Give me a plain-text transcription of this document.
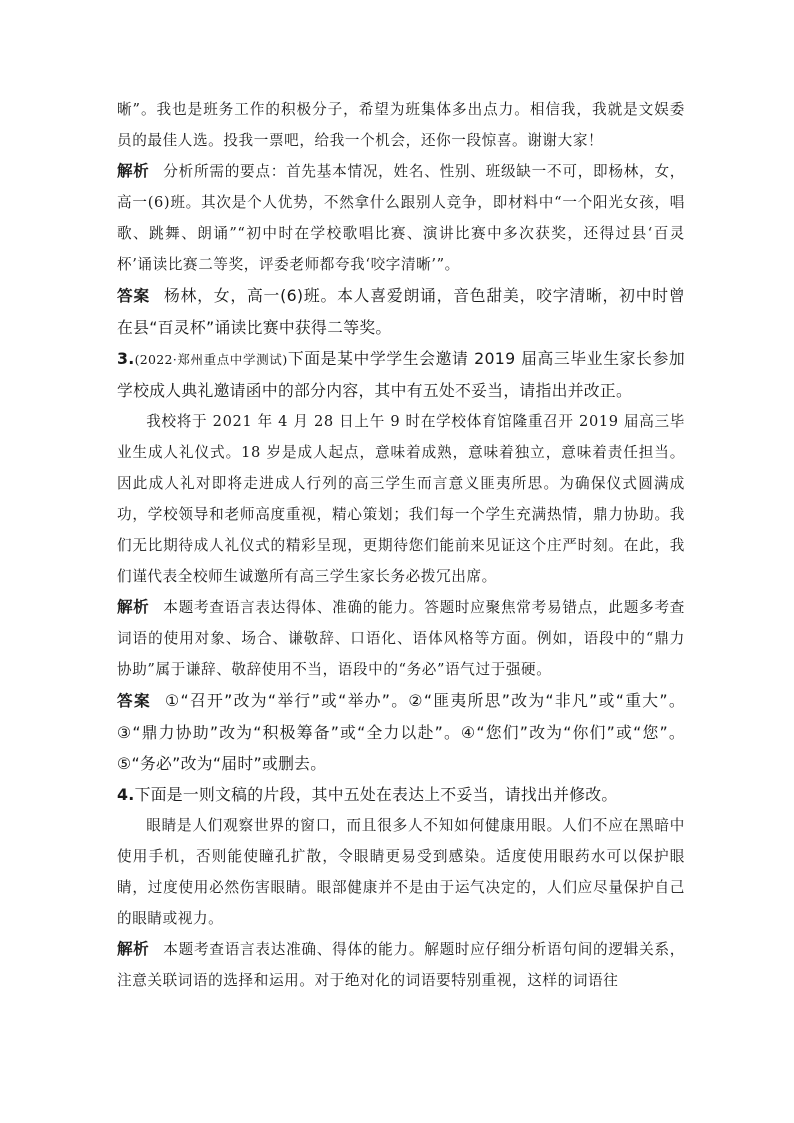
晰”。我也是班务工作的积极分子，希望为班集体多出点力。相信我，我就是文娱委员的最佳人选。投我一票吧，给我一个机会，还你一段惊喜。谢谢大家！

解析 分析所需的要点：首先基本情况，姓名、性别、班级缺一不可，即杨林，女，高一(6)班。其次是个人优势，不然拿什么跟别人竞争，即材料中“一个阳光女孩，唱歌、跳舞、朗诵”“初中时在学校歌唱比赛、演讲比赛中多次获奖，还得过县‘百灵杯’诵读比赛二等奖，评委老师都夸我‘咬字清晰’”。

答案 杨林，女，高一(6)班。本人喜爱朗诵，音色甜美，咬字清晰，初中时曾在县“百灵杯”诵读比赛中获得二等奖。

3.(2022·郑州重点中学测试)下面是某中学学生会邀请 2019 届高三毕业生家长参加学校成人典礼邀请函中的部分内容，其中有五处不妥当，请指出并改正。

我校将于 2021 年 4 月 28 日上午 9 时在学校体育馆隆重召开 2019 届高三毕业生成人礼仪式。18 岁是成人起点，意味着成熟，意味着独立，意味着责任担当。因此成人礼对即将走进成人行列的高三学生而言意义匪夷所思。为确保仪式圆满成功，学校领导和老师高度重视，精心策划；我们每一个学生充满热情，鼎力协助。我们无比期待成人礼仪式的精彩呈现，更期待您们能前来见证这个庄严时刻。在此，我们谨代表全校师生诚邀所有高三学生家长务必拨冗出席。

解析 本题考查语言表达得体、准确的能力。答题时应聚焦常考易错点，此题多考查词语的使用对象、场合、谦敬辞、口语化、语体风格等方面。例如，语段中的“鼎力协助”属于谦辞、敬辞使用不当，语段中的“务必”语气过于强硬。

答案 ①“召开”改为“举行”或“举办”。②“匪夷所思”改为“非凡”或“重大”。③“鼎力协助”改为“积极筹备”或“全力以赴”。④“您们”改为“你们”或“您”。⑤“务必”改为“届时”或删去。

4.下面是一则文稿的片段，其中五处在表达上不妥当，请找出并修改。

眼睛是人们观察世界的窗口，而且很多人不知如何健康用眼。人们不应在黑暗中使用手机，否则能使瞳孔扩散，令眼睛更易受到感染。适度使用眼药水可以保护眼睛，过度使用必然伤害眼睛。眼部健康并不是由于运气决定的，人们应尽量保护自己的眼睛或视力。

解析 本题考查语言表达准确、得体的能力。解题时应仔细分析语句间的逻辑关系，注意关联词语的选择和运用。对于绝对化的词语要特别重视，这样的词语往
